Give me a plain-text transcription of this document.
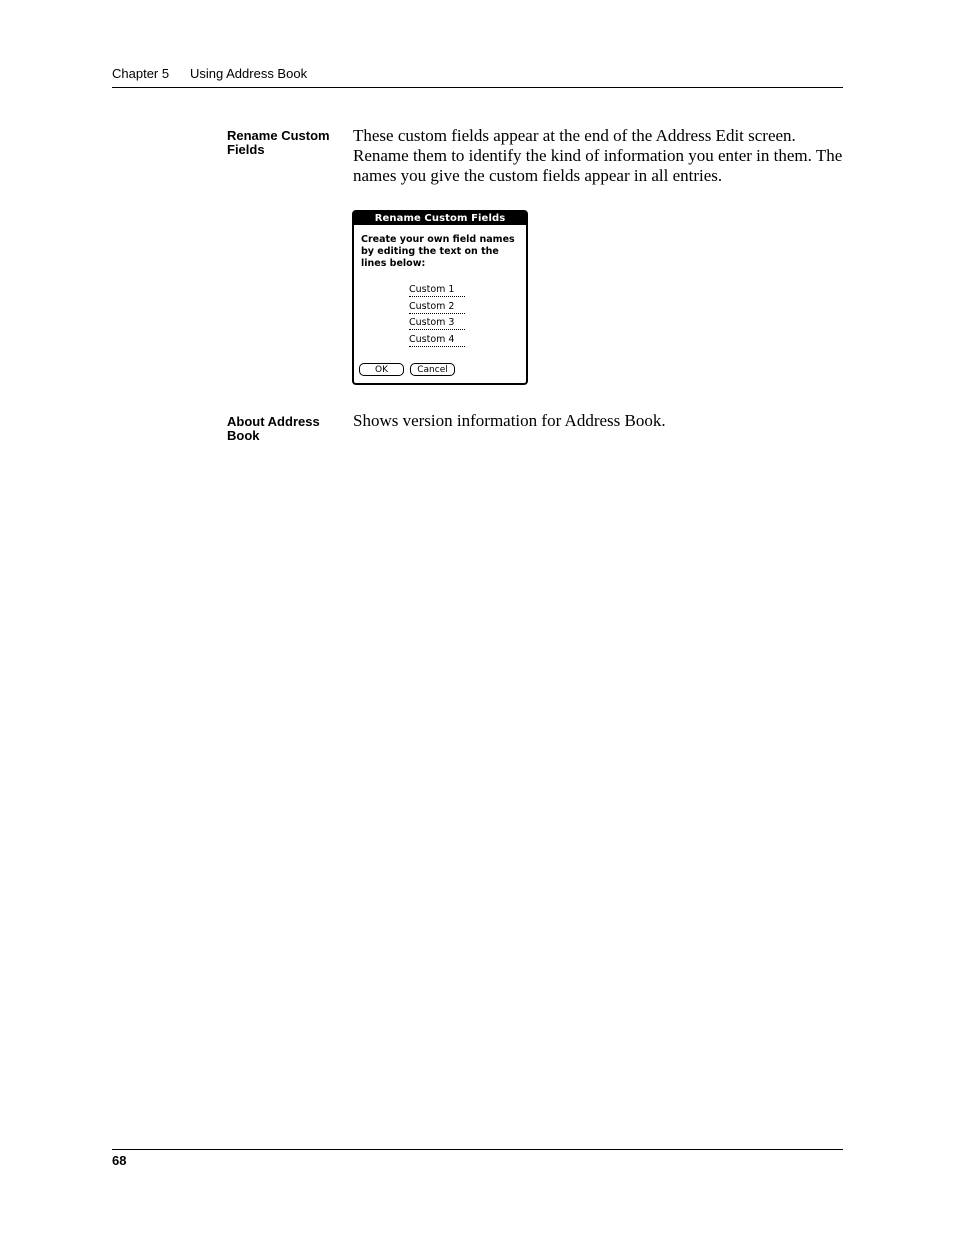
Chapter 5 Using Address Book
Rename Custom
Fields
These custom fields appear at the end of the Address Edit screen. Rename them to identify the kind of information you enter in them. The names you give the custom fields appear in all entries.
Rename Custom Fields
Create your own field names
by editing the text on the
lines below:
Custom 1
Custom 2
Custom 3
Custom 4
OK	Cancel
About Address
Book
Shows version information for Address Book.
68
